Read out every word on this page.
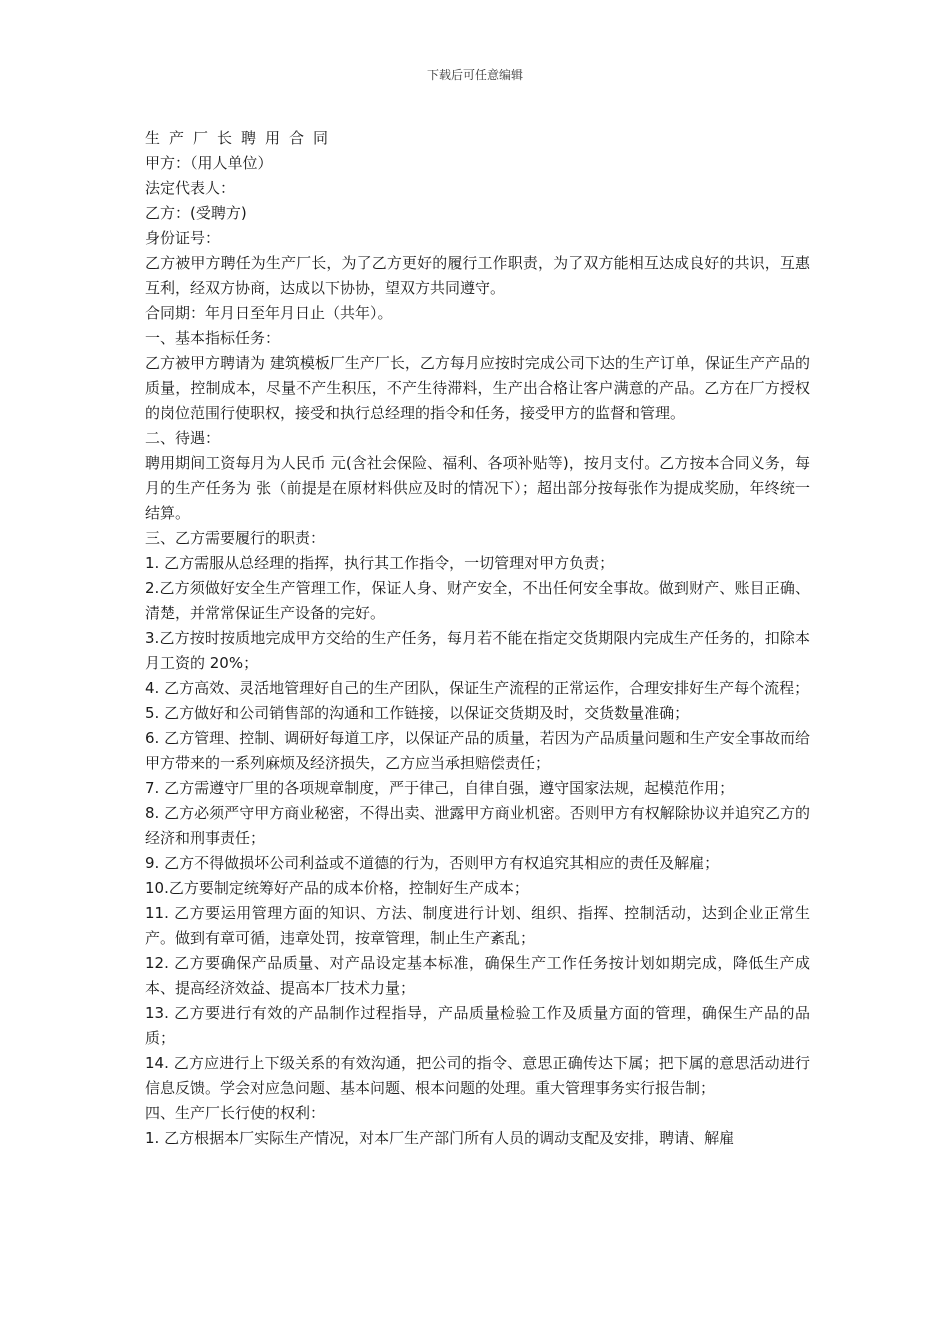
下载后可任意编辑

生产厂长聘用合同

甲方：（用人单位）

法定代表人：

乙方：(受聘方)

身份证号：

乙方被甲方聘任为生产厂长，为了乙方更好的履行工作职责，为了双方能相互达成良好的共识，互惠互利，经双方协商，达成以下协协，望双方共同遵守。

合同期：年月日至年月日止（共年）。

一、基本指标任务：

乙方被甲方聘请为 建筑模板厂生产厂长，乙方每月应按时完成公司下达的生产订单，保证生产产品的质量，控制成本，尽量不产生积压，不产生待滞料，生产出合格让客户满意的产品。乙方在厂方授权的岗位范围行使职权，接受和执行总经理的指令和任务，接受甲方的监督和管理。

二、待遇：

聘用期间工资每月为人民币 元(含社会保险、福利、各项补贴等)，按月支付。乙方按本合同义务，每月的生产任务为 张（前提是在原材料供应及时的情况下）；超出部分按每张作为提成奖励，年终统一结算。

三、乙方需要履行的职责：

1. 乙方需服从总经理的指挥，执行其工作指令，一切管理对甲方负责；

2.乙方须做好安全生产管理工作，保证人身、财产安全，不出任何安全事故。做到财产、账目正确、清楚，并常常保证生产设备的完好。

3.乙方按时按质地完成甲方交给的生产任务，每月若不能在指定交货期限内完成生产任务的，扣除本月工资的 20%；

4. 乙方高效、灵活地管理好自己的生产团队，保证生产流程的正常运作，合理安排好生产每个流程；

5. 乙方做好和公司销售部的沟通和工作链接，以保证交货期及时，交货数量准确；

6. 乙方管理、控制、调研好每道工序，以保证产品的质量，若因为产品质量问题和生产安全事故而给甲方带来的一系列麻烦及经济损失，乙方应当承担赔偿责任；

7. 乙方需遵守厂里的各项规章制度，严于律己，自律自强，遵守国家法规，起模范作用；

8. 乙方必须严守甲方商业秘密，不得出卖、泄露甲方商业机密。否则甲方有权解除协议并追究乙方的经济和刑事责任；

9. 乙方不得做损坏公司利益或不道德的行为，否则甲方有权追究其相应的责任及解雇；

10.乙方要制定统筹好产品的成本价格，控制好生产成本；

11. 乙方要运用管理方面的知识、方法、制度进行计划、组织、指挥、控制活动，达到企业正常生产。做到有章可循，违章处罚，按章管理，制止生产紊乱；

12. 乙方要确保产品质量、对产品设定基本标准，确保生产工作任务按计划如期完成，降低生产成本、提高经济效益、提高本厂技术力量；

13. 乙方要进行有效的产品制作过程指导，产品质量检验工作及质量方面的管理，确保生产品的品质；

14. 乙方应进行上下级关系的有效沟通，把公司的指令、意思正确传达下属；把下属的意思活动进行信息反馈。学会对应急问题、基本问题、根本问题的处理。重大管理事务实行报告制；

四、生产厂长行使的权利：

1. 乙方根据本厂实际生产情况，对本厂生产部门所有人员的调动支配及安排，聘请、解雇
